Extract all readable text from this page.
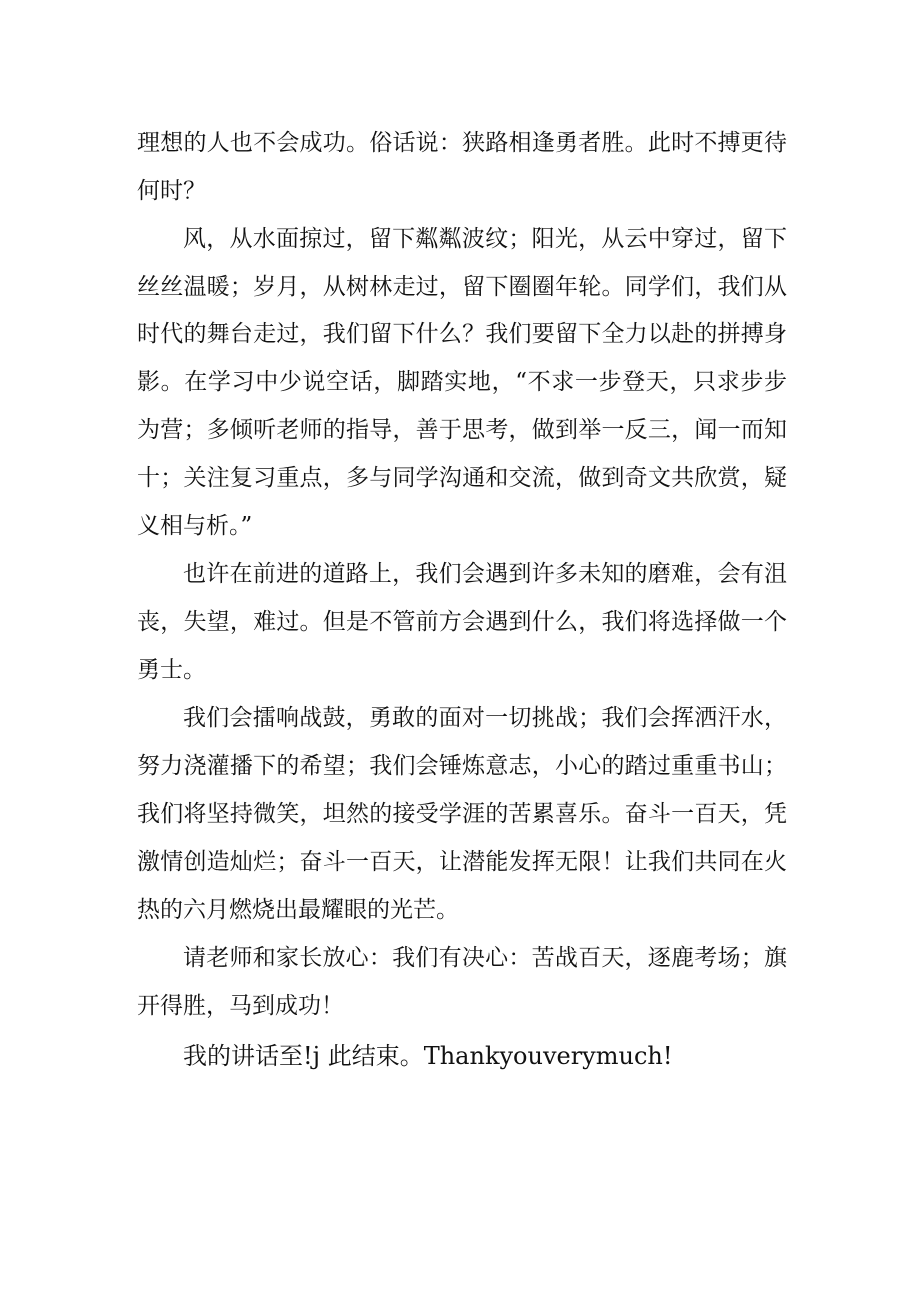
理想的人也不会成功。俗话说：狭路相逢勇者胜。此时不搏更待
何时？
风，从水面掠过，留下粼粼波纹；阳光，从云中穿过，留下
丝丝温暖；岁月，从树林走过，留下圈圈年轮。同学们，我们从
时代的舞台走过，我们留下什么？我们要留下全力以赴的拼搏身
影。在学习中少说空话，脚踏实地，“不求一步登天，只求步步
为营；多倾听老师的指导，善于思考，做到举一反三，闻一而知
十；关注复习重点，多与同学沟通和交流，做到奇文共欣赏，疑
义相与析。”
也许在前进的道路上，我们会遇到许多未知的磨难，会有沮
丧，失望，难过。但是不管前方会遇到什么，我们将选择做一个
勇士。
我们会擂响战鼓，勇敢的面对一切挑战；我们会挥洒汗水，
努力浇灌播下的希望；我们会锤炼意志，小心的踏过重重书山；
我们将坚持微笑，坦然的接受学涯的苦累喜乐。奋斗一百天，凭
激情创造灿烂；奋斗一百天，让潜能发挥无限！让我们共同在火
热的六月燃烧出最耀眼的光芒。
请老师和家长放心：我们有决心：苦战百天，逐鹿考场；旗
开得胜，马到成功！
我的讲话至!j 此结束。Thankyouverymuch!
